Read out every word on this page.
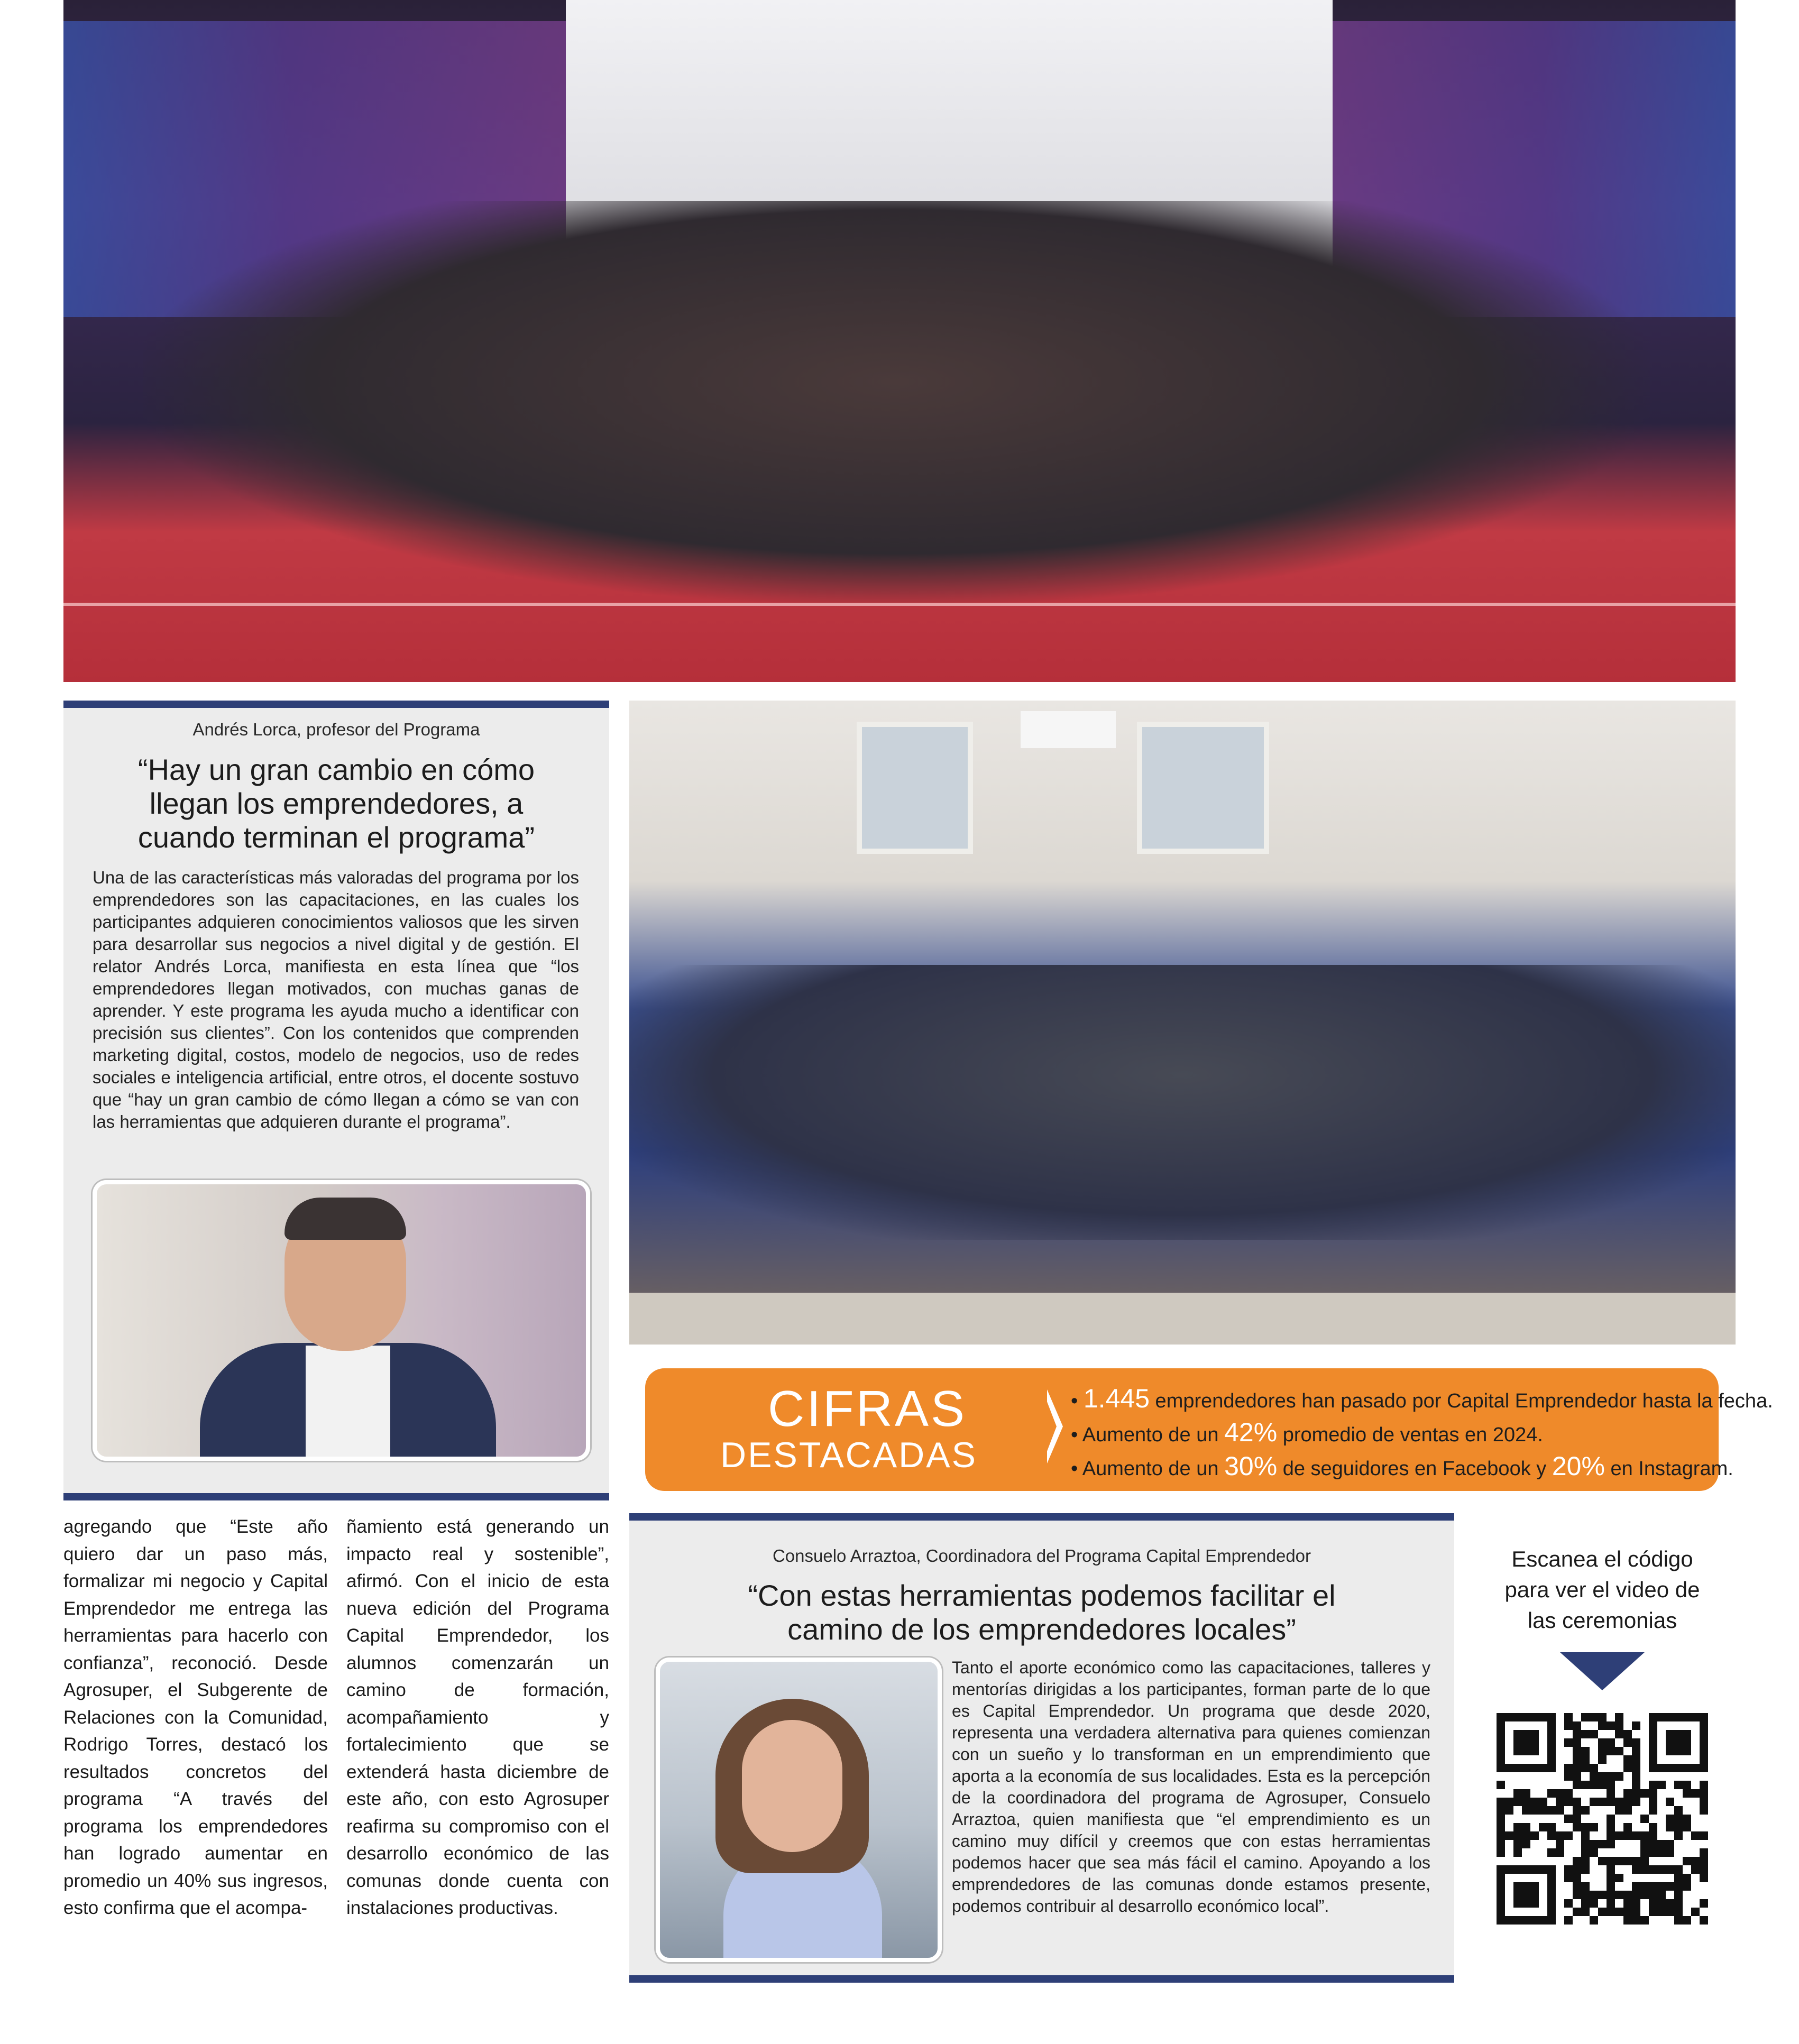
Andrés Lorca, profesor del Programa
“Hay un gran cambio en cómo llegan los emprendedores, a cuando terminan el programa”
Una de las características más valoradas del programa por los emprendedores son las capacitaciones, en las cuales los participantes adquieren conocimientos valiosos que les sirven para desarrollar sus negocios a nivel digital y de gestión. El relator Andrés Lorca, manifiesta en esta línea que “los emprendedores llegan motivados, con muchas ganas de aprender. Y este programa les ayuda mucho a identificar con precisión sus clientes”. Con los contenidos que comprenden marketing digital, costos, modelo de negocios, uso de redes sociales e inteligencia artificial, entre otros, el docente sostuvo que “hay un gran cambio de cómo llegan a cómo se van con las herramientas que adquieren durante el programa”.
CIFRAS
DESTACADAS
• 1.445 emprendedores han pasado por Capital Emprendedor hasta la fecha.
• Aumento de un 42% promedio de ventas en 2024.
• Aumento de un 30% de seguidores en Facebook y 20% en Instagram.
agregando que “Este año quiero dar un paso más, formalizar mi negocio y Capital Emprendedor me entrega las herramientas para hacerlo con confianza”, reconoció. Desde Agrosuper, el Subgerente de Relaciones con la Comunidad, Rodrigo Torres, destacó los resultados concretos del programa “A través del programa los emprendedores han logrado aumentar en promedio un 40% sus ingresos, esto confirma que el acompa-
ñamiento está generando un impacto real y sostenible”, afirmó. Con el inicio de esta nueva edición del Programa Capital Emprendedor, los alumnos comenzarán un camino de formación, acompañamiento y fortalecimiento que se extenderá hasta diciembre de este año, con esto Agrosuper reafirma su compromiso con el desarrollo económico de las comunas donde cuenta con instalaciones productivas.
Consuelo Arraztoa, Coordinadora del Programa Capital Emprendedor
“Con estas herramientas podemos facilitar el camino de los emprendedores locales”
Tanto el aporte económico como las capacitaciones, talleres y mentorías dirigidas a los participantes, forman parte de lo que es Capital Emprendedor. Un programa que desde 2020, representa una verdadera alternativa para quienes comienzan con un sueño y lo transforman en un emprendimiento que aporta a la economía de sus localidades. Esta es la percepción de la coordinadora del programa de Agrosuper, Consuelo Arraztoa, quien manifiesta que “el emprendimiento es un camino muy difícil y creemos que con estas herramientas podemos hacer que sea más fácil el camino. Apoyando a los emprendedores de las comunas donde estamos presente, podemos contribuir al desarrollo económico local”.
Escanea el código para ver el video de las ceremonias
